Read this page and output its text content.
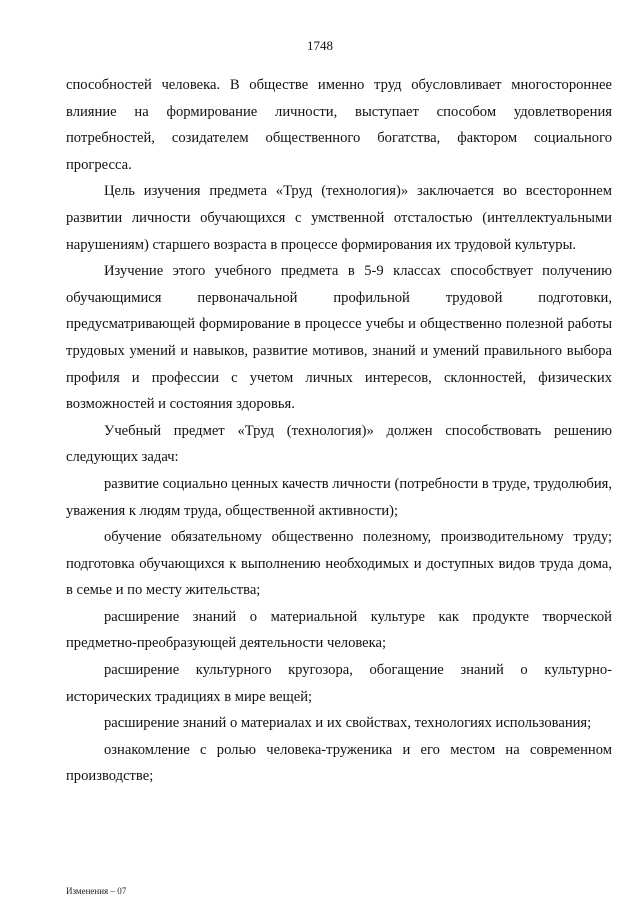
1748

способностей человека. В обществе именно труд обусловливает многостороннее влияние на формирование личности, выступает способом удовлетворения потребностей, созидателем общественного богатства, фактором социального прогресса.

Цель изучения предмета «Труд (технология)» заключается во всестороннем развитии личности обучающихся с умственной отсталостью (интеллектуальными нарушениям) старшего возраста в процессе формирования их трудовой культуры.

Изучение этого учебного предмета в 5-9 классах способствует получению обучающимися первоначальной профильной трудовой подготовки, предусматривающей формирование в процессе учебы и общественно полезной работы трудовых умений и навыков, развитие мотивов, знаний и умений правильного выбора профиля и профессии с учетом личных интересов, склонностей, физических возможностей и состояния здоровья.

Учебный предмет «Труд (технология)» должен способствовать решению следующих задач:

развитие социально ценных качеств личности (потребности в труде, трудолюбия, уважения к людям труда, общественной активности);

обучение обязательному общественно полезному, производительному труду; подготовка обучающихся к выполнению необходимых и доступных видов труда дома, в семье и по месту жительства;

расширение знаний о материальной культуре как продукте творческой предметно-преобразующей деятельности человека;

расширение культурного кругозора, обогащение знаний о культурно-исторических традициях в мире вещей;

расширение знаний о материалах и их свойствах, технологиях использования;

ознакомление с ролью человека-труженика и его местом на современном производстве;

Изменения – 07
